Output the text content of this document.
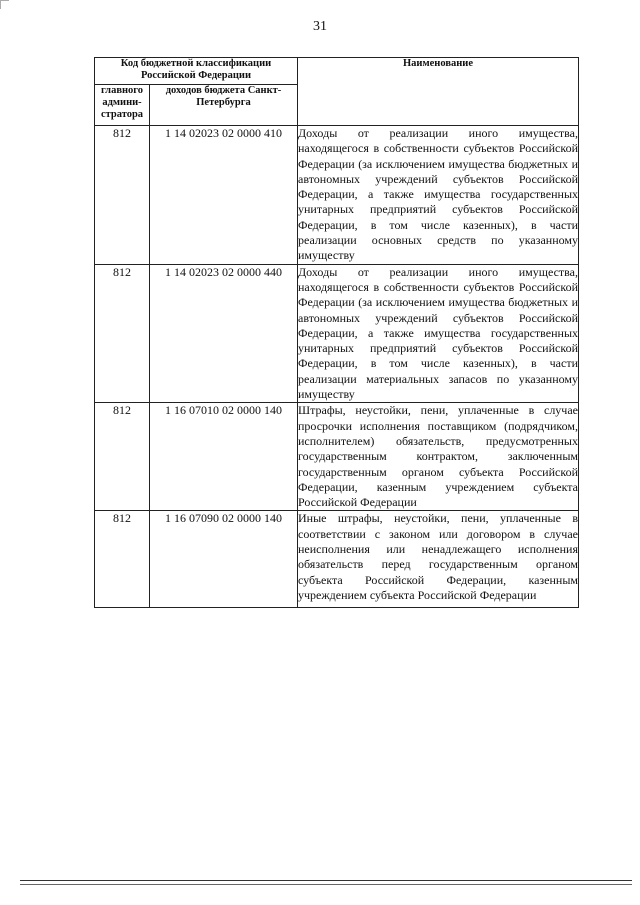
31
Код бюджетной классификации Российской Федерации		Наименование
главного админи-стратора	доходов бюджета Санкт-Петербурга	
812	1 14 02023 02 0000 410	Доходы от реализации иного имущества, находящегося в собственности субъектов Российской Федерации (за исключением имущества бюджетных и автономных учреждений субъектов Российской Федерации, а также имущества государственных унитарных предприятий субъектов Российской Федерации, в том числе казенных), в части реализации основных средств по указанному имуществу
812	1 14 02023 02 0000 440	Доходы от реализации иного имущества, находящегося в собственности субъектов Российской Федерации (за исключением имущества бюджетных и автономных учреждений субъектов Российской Федерации, а также имущества государственных унитарных предприятий субъектов Российской Федерации, в том числе казенных), в части реализации материальных запасов по указанному имуществу
812	1 16 07010 02 0000 140	Штрафы, неустойки, пени, уплаченные в случае просрочки исполнения поставщиком (подрядчиком, исполнителем) обязательств, предусмотренных государственным контрактом, заключенным государственным органом субъекта Российской Федерации, казенным учреждением субъекта Российской Федерации
812	1 16 07090 02 0000 140	Иные штрафы, неустойки, пени, уплаченные в соответствии с законом или договором в случае неисполнения или ненадлежащего исполнения обязательств перед государственным органом субъекта Российской Федерации, казенным учреждением субъекта Российской Федерации
